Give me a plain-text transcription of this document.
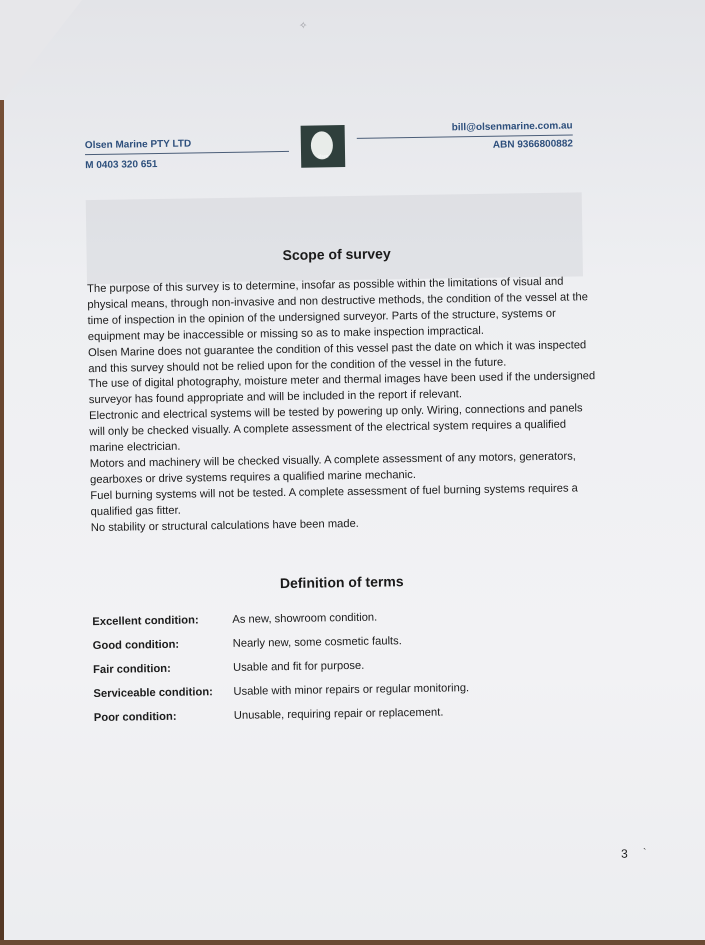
✧
Olsen Marine PTY LTD
M 0403 320 651
olsen
bill@olsenmarine.com.au
ABN 9366800882
Scope of survey

The purpose of this survey is to determine, insofar as possible within the limitations of visual and physical means, through non-invasive and non destructive methods, the condition of the vessel at the time of inspection in the opinion of the undersigned surveyor. Parts of the structure, systems or equipment may be inaccessible or missing so as to make inspection impractical.

Olsen Marine does not guarantee the condition of this vessel past the date on which it was inspected and this survey should not be relied upon for the condition of the vessel in the future.

The use of digital photography, moisture meter and thermal images have been used if the undersigned surveyor has found appropriate and will be included in the report if relevant.

Electronic and electrical systems will be tested by powering up only. Wiring, connections and panels will only be checked visually. A complete assessment of the electrical system requires a qualified marine electrician.

Motors and machinery will be checked visually. A complete assessment of any motors, generators, gearboxes or drive systems requires a qualified marine mechanic.

Fuel burning systems will not be tested. A complete assessment of fuel burning systems requires a qualified gas fitter.

No stability or structural calculations have been made.

Definition of terms
Excellent condition:	As new, showroom condition.
Good condition:	Nearly new, some cosmetic faults.
Fair condition:	Usable and fit for purpose.
Serviceable condition: Usable with minor repairs or regular monitoring.
Poor condition:	Unusable, requiring repair or replacement.
3 `
